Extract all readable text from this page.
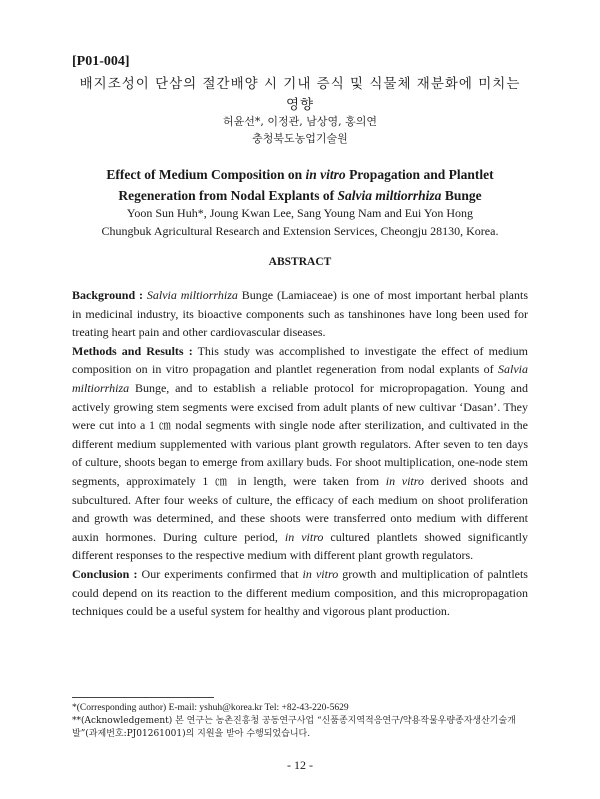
[P01-004]
배지조성이 단삼의 절간배양 시 기내 증식 및 식물체 재분화에 미치는 영향
허윤선*, 이정관, 남상영, 홍의연
충청북도농업기술원
Effect of Medium Composition on in vitro Propagation and Plantlet Regeneration from Nodal Explants of Salvia miltiorrhiza Bunge
Yoon Sun Huh*, Joung Kwan Lee, Sang Young Nam and Eui Yon Hong
Chungbuk Agricultural Research and Extension Services, Cheongju 28130, Korea.
ABSTRACT

Background : Salvia miltiorrhiza Bunge (Lamiaceae) is one of most important herbal plants in medicinal industry, its bioactive components such as tanshinones have long been used for treating heart pain and other cardiovascular diseases.

Methods and Results : This study was accomplished to investigate the effect of medium composition on in vitro propagation and plantlet regeneration from nodal explants of Salvia miltiorrhiza Bunge, and to establish a reliable protocol for micropropagation. Young and actively growing stem segments were excised from adult plants of new cultivar ‘Dasan’. They were cut into a 1 ㎝ nodal segments with single node after sterilization, and cultivated in the different medium supplemented with various plant growth regulators. After seven to ten days of culture, shoots began to emerge from axillary buds. For shoot multiplication, one-node stem segments, approximately 1 ㎝ in length, were taken from in vitro derived shoots and subcultured. After four weeks of culture, the efficacy of each medium on shoot proliferation and growth was determined, and these shoots were transferred onto medium with different auxin hormones. During culture period, in vitro cultured plantlets showed significantly different responses to the respective medium with different plant growth regulators.

Conclusion : Our experiments confirmed that in vitro growth and multiplication of palntlets could depend on its reaction to the different medium composition, and this micropropagation techniques could be a useful system for healthy and vigorous plant production.

*(Corresponding author) E-mail: yshuh@korea.kr Tel: +82-43-220-5629
**(Acknowledgement) 본 연구는 농촌진흥청 공동연구사업 “신품종지역적응연구/약용작물우량종자생산기술개발”(과제번호:PJ01261001)의 지원을 받아 수행되었습니다.
- 12 -
